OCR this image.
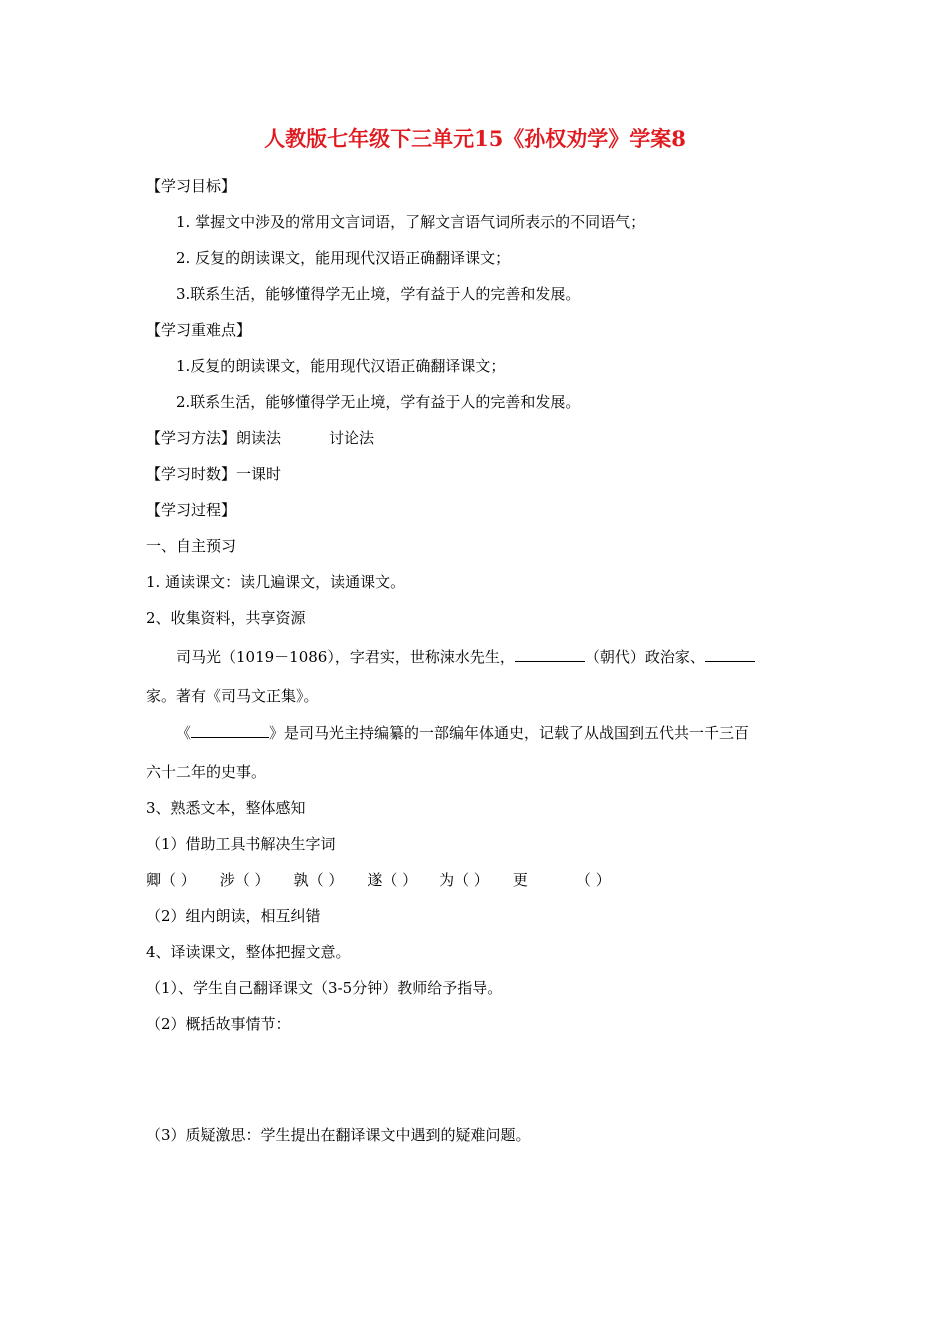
人教版七年级下三单元15《孙权劝学》学案8
【学习目标】
1. 掌握文中涉及的常用文言词语，了解文言语气词所表示的不同语气；
2. 反复的朗读课文，能用现代汉语正确翻译课文；
3.联系生活，能够懂得学无止境，学有益于人的完善和发展。
【学习重难点】
1.反复的朗读课文，能用现代汉语正确翻译课文；
2.联系生活，能够懂得学无止境，学有益于人的完善和发展。
【学习方法】朗读法	讨论法
【学习时数】一课时
【学习过程】
一、自主预习
1. 通读课文：读几遍课文，读通课文。
2、收集资料，共享资源
司马光（1019－1086），字君实，世称涑水先生，	（朝代）政治家、
家。著有《司马文正集》。
《	》是司马光主持编纂的一部编年体通史，记载了从战国到五代共一千三百
六十二年的史事。
3、熟悉文本，整体感知
（1）借助工具书解决生字词
卿（ ） 涉（ ） 孰（ ） 遂（ ） 为（ ） 更	（ ）
（2）组内朗读，相互纠错
4、译读课文，整体把握文意。
（1）、学生自己翻译课文（3-5分钟）教师给予指导。
（2）概括故事情节：
（3）质疑激思：学生提出在翻译课文中遇到的疑难问题。
